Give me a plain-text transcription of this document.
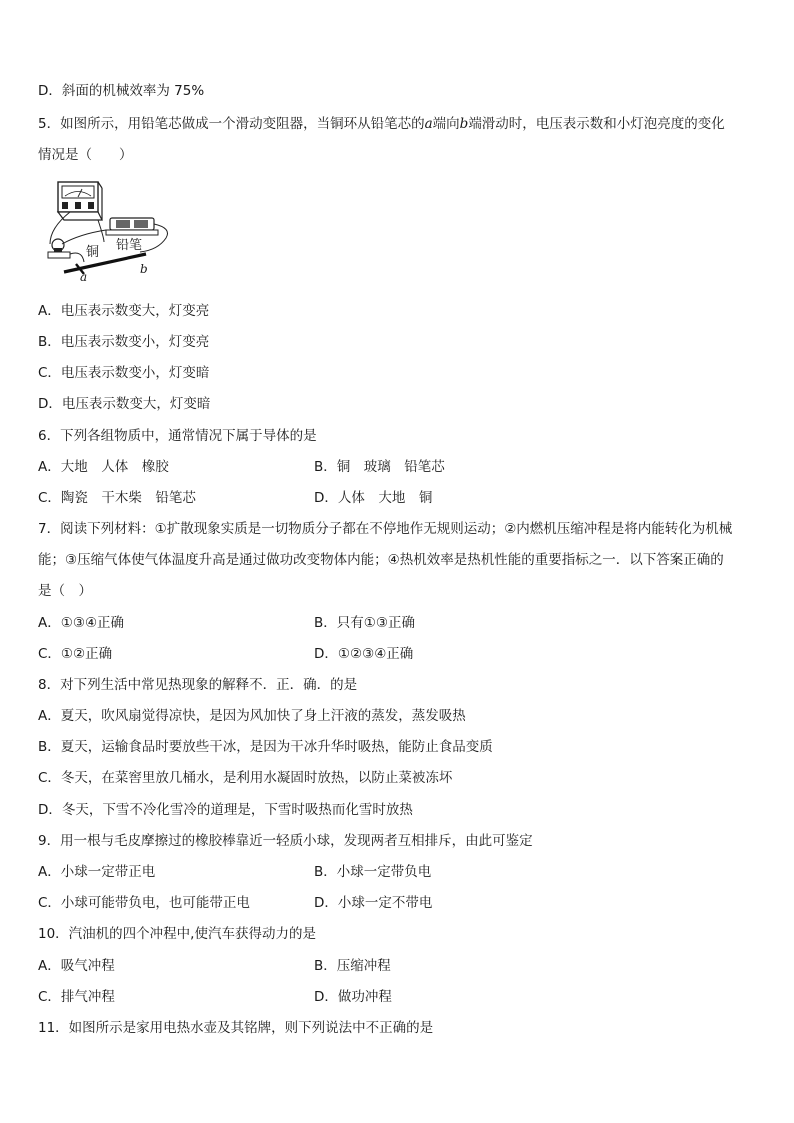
D．斜面的机械效率为 75%
5．如图所示，用铅笔芯做成一个滑动变阻器，当铜环从铅笔芯的a端向b端滑动时，电压表示数和小灯泡亮度的变化
情况是（　　）
铜 铅笔
a
b
A．电压表示数变大，灯变亮
B．电压表示数变小，灯变亮
C．电压表示数变小，灯变暗
D．电压表示数变大，灯变暗
6．下列各组物质中，通常情况下属于导体的是
A．大地　人体　橡胶	B．铜　玻璃　铅笔芯
C．陶瓷　干木柴　铅笔芯	D．人体　大地　铜
7．阅读下列材料：①扩散现象实质是一切物质分子都在不停地作无规则运动；②内燃机压缩冲程是将内能转化为机械
能；③压缩气体使气体温度升高是通过做功改变物体内能；④热机效率是热机性能的重要指标之一．以下答案正确的
是（　）
A．①③④正确	B．只有①③正确
C．①②正确	D．①②③④正确
8．对下列生活中常见热现象的解释不．正．确．的是
A．夏天，吹风扇觉得凉快，是因为风加快了身上汗液的蒸发，蒸发吸热
B．夏天，运输食品时要放些干冰，是因为干冰升华时吸热，能防止食品变质
C．冬天，在菜窖里放几桶水，是利用水凝固时放热，以防止菜被冻坏
D．冬天，下雪不冷化雪冷的道理是，下雪时吸热而化雪时放热
9．用一根与毛皮摩擦过的橡胶棒靠近一轻质小球，发现两者互相排斥，由此可鉴定
A．小球一定带正电	B．小球一定带负电
C．小球可能带负电，也可能带正电	D．小球一定不带电
10．汽油机的四个冲程中,使汽车获得动力的是
A．吸气冲程	B．压缩冲程
C．排气冲程	D．做功冲程
11．如图所示是家用电热水壶及其铭牌，则下列说法中不正确的是
